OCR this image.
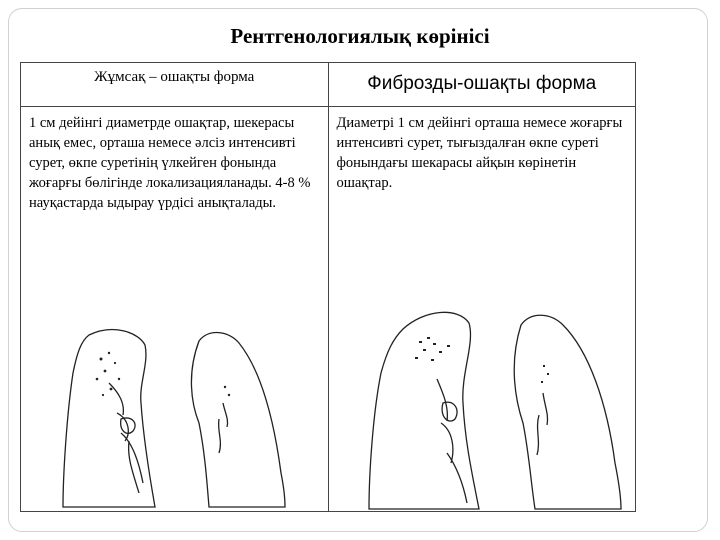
Рентгенологиялық көрінісі
Жұмсақ – ошақты форма	Фиброзды-ошақты форма

1 см дейінгі диаметрде ошақтар, шекерасы анық емес, орташа немесе әлсіз интенсивті сурет, өкпе суретінің үлкейген фонында жоғарғы бөлігінде локализацияланады. 4-8 % науқастарда ыдырау үрдісі анықталады.	Диаметрі 1 см дейінгі орташа немесе жоғарғы интенсивті сурет, тығыздалған өкпе суреті фонындағы шекарасы айқын көрінетін ошақтар.
